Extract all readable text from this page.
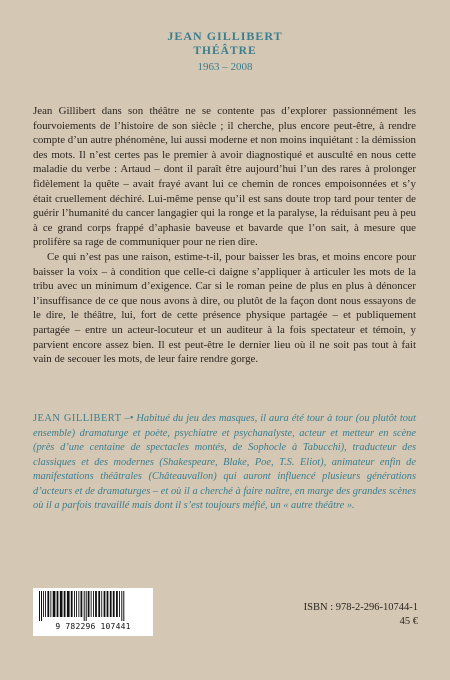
JEAN GILLIBERT
THÉÂTRE
1963 – 2008

Jean Gillibert dans son théâtre ne se contente pas d’explorer passionnément les fourvoiements de l’histoire de son siècle ; il cherche, plus encore peut-être, à rendre compte d’un autre phénomène, lui aussi moderne et non moins inquiétant : la démission des mots. Il n’est certes pas le premier à avoir diagnostiqué et ausculté en nous cette maladie du verbe : Artaud – dont il paraît être aujourd’hui l’un des rares à prolonger fidèlement la quête – avait frayé avant lui ce chemin de ronces empoisonnées et s’y était cruellement déchiré. Lui-même pense qu’il est sans doute trop tard pour tenter de guérir l’humanité du cancer langagier qui la ronge et la paralyse, la réduisant peu à peu à ce grand corps frappé d’aphasie baveuse et bavarde que l’on sait, à mesure que prolifère sa rage de communiquer pour ne rien dire.

Ce qui n’est pas une raison, estime-t-il, pour baisser les bras, et moins encore pour baisser la voix – à condition que celle-ci daigne s’appliquer à articuler les mots de la tribu avec un minimum d’exigence. Car si le roman peine de plus en plus à dénoncer l’insuffisance de ce que nous avons à dire, ou plutôt de la façon dont nous essayons de le dire, le théâtre, lui, fort de cette présence physique partagée – et publiquement partagée – entre un acteur-locuteur et un auditeur à la fois spectateur et témoin, y parvient encore assez bien. Il est peut-être le dernier lieu où il ne soit pas tout à fait vain de secouer les mots, de leur faire rendre gorge.

JEAN GILLIBERT –• Habitué du jeu des masques, il aura été tour à tour (ou plutôt tout ensemble) dramaturge et poète, psychiatre et psychanalyste, acteur et metteur en scène (près d’une centaine de spectacles montés, de Sophocle à Tabucchi), traducteur des classiques et des modernes (Shakespeare, Blake, Poe, T.S. Eliot), animateur enfin de manifestations théâtrales (Châteauvallon) qui auront influencé plusieurs générations d’acteurs et de dramaturges – et où il a cherché à faire naître, en marge des grandes scènes où il a parfois travaillé mais dont il s’est toujours méfié, un « autre théâtre ».
9 782296 107441
ISBN : 978-2-296-10744-1
45 €
